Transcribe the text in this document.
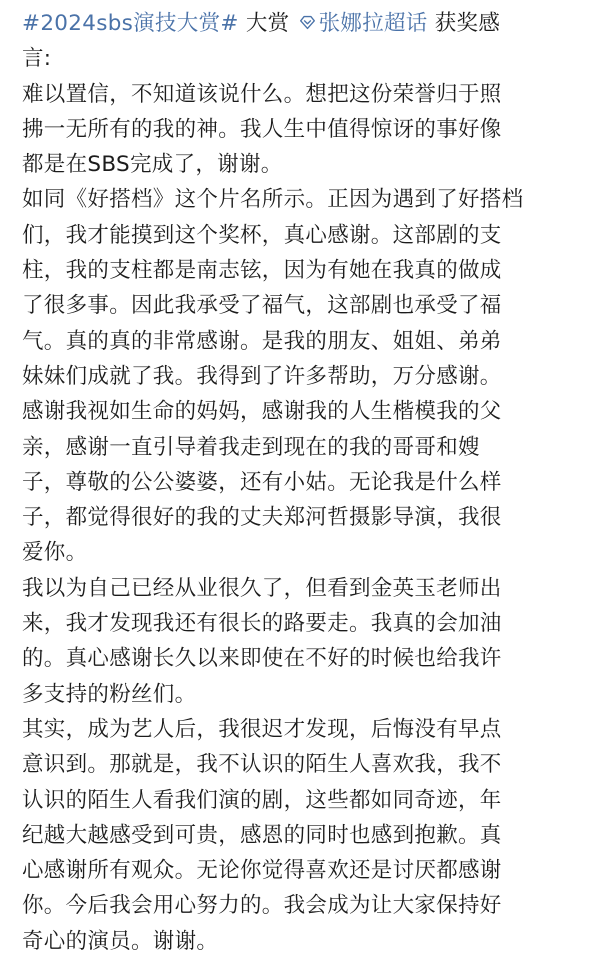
#2024sbs演技大赏# 大赏
张娜拉超话 获奖感
言:
难以置信，不知道该说什么。想把这份荣誉归于照
拂一无所有的我的神。我人生中值得惊讶的事好像
都是在SBS完成了，谢谢。
如同《好搭档》这个片名所示。正因为遇到了好搭档
们，我才能摸到这个奖杯，真心感谢。这部剧的支
柱，我的支柱都是南志铉，因为有她在我真的做成
了很多事。因此我承受了福气，这部剧也承受了福
气。真的真的非常感谢。是我的朋友、姐姐、弟弟
妹妹们成就了我。我得到了许多帮助，万分感谢。
感谢我视如生命的妈妈，感谢我的人生楷模我的父
亲，感谢一直引导着我走到现在的我的哥哥和嫂
子，尊敬的公公婆婆，还有小姑。无论我是什么样
子，都觉得很好的我的丈夫郑河哲摄影导演，我很
爱你。
我以为自己已经从业很久了，但看到金英玉老师出
来，我才发现我还有很长的路要走。我真的会加油
的。真心感谢长久以来即使在不好的时候也给我许
多支持的粉丝们。
其实，成为艺人后，我很迟才发现，后悔没有早点
意识到。那就是，我不认识的陌生人喜欢我，我不
认识的陌生人看我们演的剧，这些都如同奇迹，年
纪越大越感受到可贵，感恩的同时也感到抱歉。真
心感谢所有观众。无论你觉得喜欢还是讨厌都感谢
你。今后我会用心努力的。我会成为让大家保持好
奇心的演员。谢谢。
